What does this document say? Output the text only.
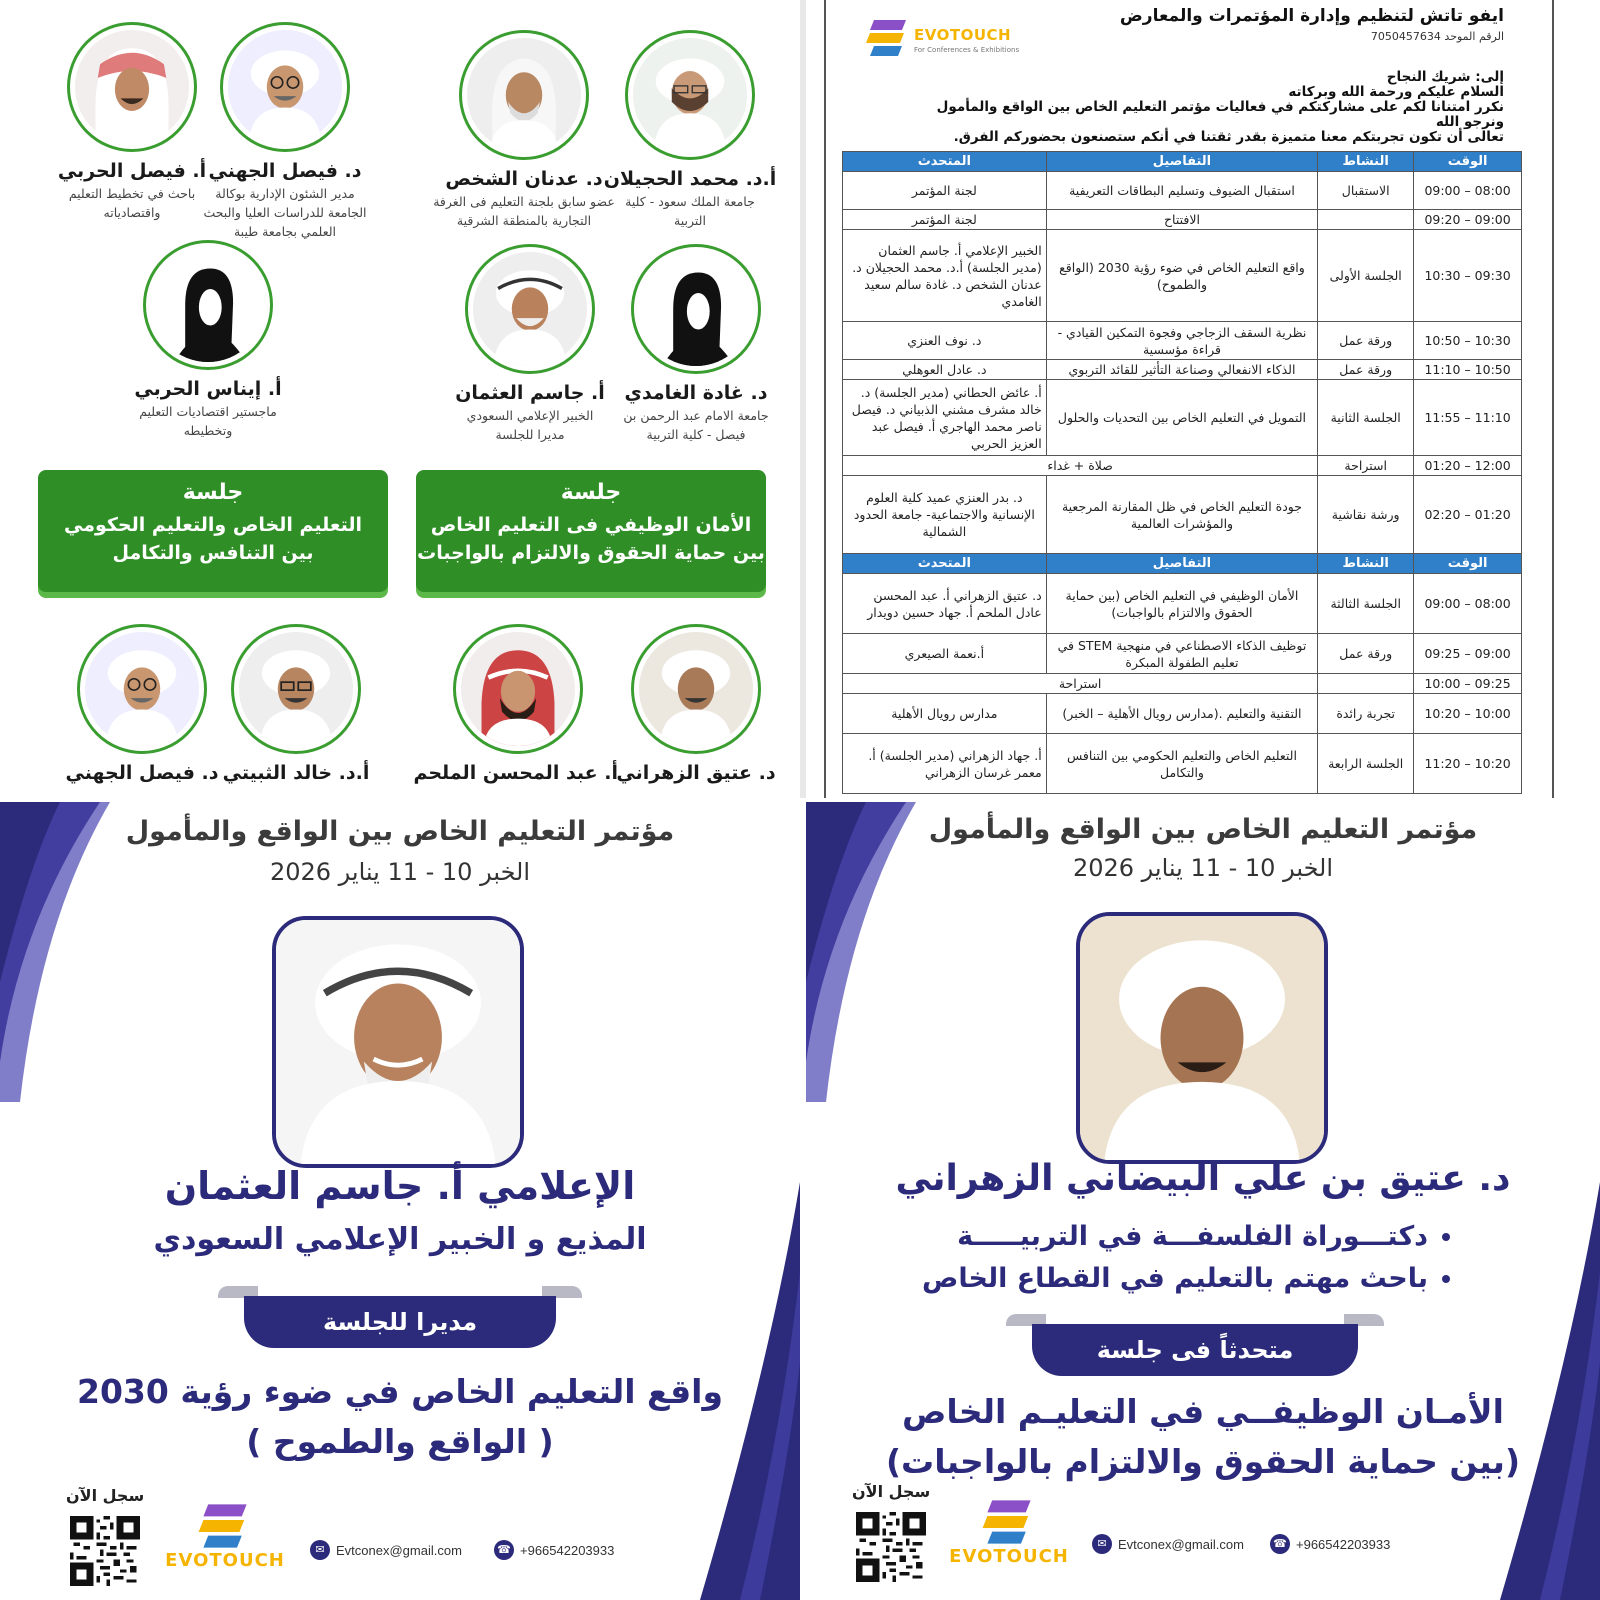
أ.د. محمد الحجيلان
جامعة الملك سعود - كلية التربية
د. عدنان الشخص
عضو سابق بلجنة التعليم فى الغرفة التجارية بالمنطقة الشرقية
د. فيصل الجهني
مدير الشئون الإدارية بوكالة الجامعة للدراسات العليا والبحث العلمي بجامعة طيبة
أ. فيصل الحربي
باحث في تخطيط التعليم واقتصادياته
د. غادة الغامدي
جامعة الامام عبد الرحمن بن فيصل - كلية التربية
أ. جاسم العثمان
الخبير الإعلامي السعودي مديرا للجلسة
أ. إيناس الحربي
ماجستير اقتصاديات التعليم وتخطيطه
جلسة
الأمان الوظيفي فى التعليم الخاص
بين حماية الحقوق والالتزام بالواجبات
جلسة
التعليم الخاص والتعليم الحكومي
بين التنافس والتكامل
د. عتيق الزهراني
أ. عبد المحسن الملحم
أ.د. خالد الثبيتي
د. فيصل الجهني
EVOTOUCH
For Conferences & Exhibitions
ايفو تاتش لتنظيم وإدارة المؤتمرات والمعارض
الرقم الموحد 7050457634
إلى: شريك النجاح
السلام عليكم ورحمة الله وبركاته
نكرر امتنانا لكم على مشاركتكم في فعاليات مؤتمر التعليم الخاص بين الواقع والمأمول ونرجو الله
تعالى أن تكون تجربتكم معنا متميزة بقدر ثقتنا في أنكم ستصنعون بحضوركم الفرق.
الوقت	النشاط	التفاصيل	المتحدث
08:00 – 09:00	الاستقبال	استقبال الضيوف وتسليم البطاقات التعريفية	لجنة المؤتمر
09:00 – 09:20		الافتتاح	لجنة المؤتمر
09:30 – 10:30	الجلسة الأولى	واقع التعليم الخاص في ضوء رؤية 2030 (الواقع والطموح)	الخبير الإعلامي أ. جاسم العثمان (مدير الجلسة) أ.د. محمد الحجيلان د. عدنان الشخص د. غادة سالم سعيد الغامدي
10:30 – 10:50	ورقة عمل	نظرية السقف الزجاجي وفجوة التمكين القيادي - قراءة مؤسسية	د. نوف العنزي
10:50 – 11:10	ورقة عمل	الذكاء الانفعالي وصناعة التأثير للقائد التربوي	د. عادل العوهلي
11:10 – 11:55	الجلسة الثانية	التمويل في التعليم الخاص بين التحديات والحلول	أ. عائض الحطاني (مدير الجلسة) د. خالد مشرف مشني الذبياني د. فيصل ناصر محمد الهاجري أ. فيصل عبد العزيز الحربي
12:00 – 01:20	استراحة	صلاة + غداء	
01:20 – 02:20	ورشة نقاشية	جودة التعليم الخاص في ظل المقارنة المرجعية والمؤشرات العالمية	د. بدر العنزي عميد كلية العلوم الإنسانية والاجتماعية- جامعة الحدود الشمالية
الوقت	النشاط	التفاصيل	المتحدث
08:00 – 09:00	الجلسة الثالثة	الأمان الوظيفي في التعليم الخاص (بين حماية الحقوق والالتزام بالواجبات)	د. عتيق الزهراني أ. عبد المحسن عادل الملحم أ. جهاد حسين دويدار
09:00 – 09:25	ورقة عمل	توظيف الذكاء الاصطناعي في منهجية STEM في تعليم الطفولة المبكرة	أ.نعمة الصيعري
09:25 – 10:00		استراحة	
10:00 – 10:20	تجربة رائدة	التقنية والتعليم .(مدارس رويال الأهلية – الخبر)	مدارس رويال الأهلية
10:20 – 11:20	الجلسة الرابعة	التعليم الخاص والتعليم الحكومي بين التنافس والتكامل	أ. جهاد الزهراني (مدير الجلسة) أ. معمر غرسان الزهراني
مؤتمر التعليم الخاص بين الواقع والمأمول
الخبر 10 - 11 يناير 2026
الإعلامي أ. جاسم العثمان
المذيع و الخبير الإعلامي السعودي
مديرا للجلسة
واقع التعليم الخاص في ضوء رؤية 2030
( الواقع والطموح )
سجل الآن
EVOTOUCH	✉ Evtconex@gmail.com	☎ +966542203933
مؤتمر التعليم الخاص بين الواقع والمأمول
الخبر 10 - 11 يناير 2026
د. عتيق بن علي البيضاني الزهراني
دكتـــوراة الفلسفـــة في التربيـــــة
باحث مهتم بالتعليم في القطاع الخاص
متحدثاً فى جلسة
الأمـان الوظيفــي في التعليـم الخاص
(بين حماية الحقوق والالتزام بالواجبات)
سجل الآن
EVOTOUCH
✉ Evtconex@gmail.com	☎ +966542203933
